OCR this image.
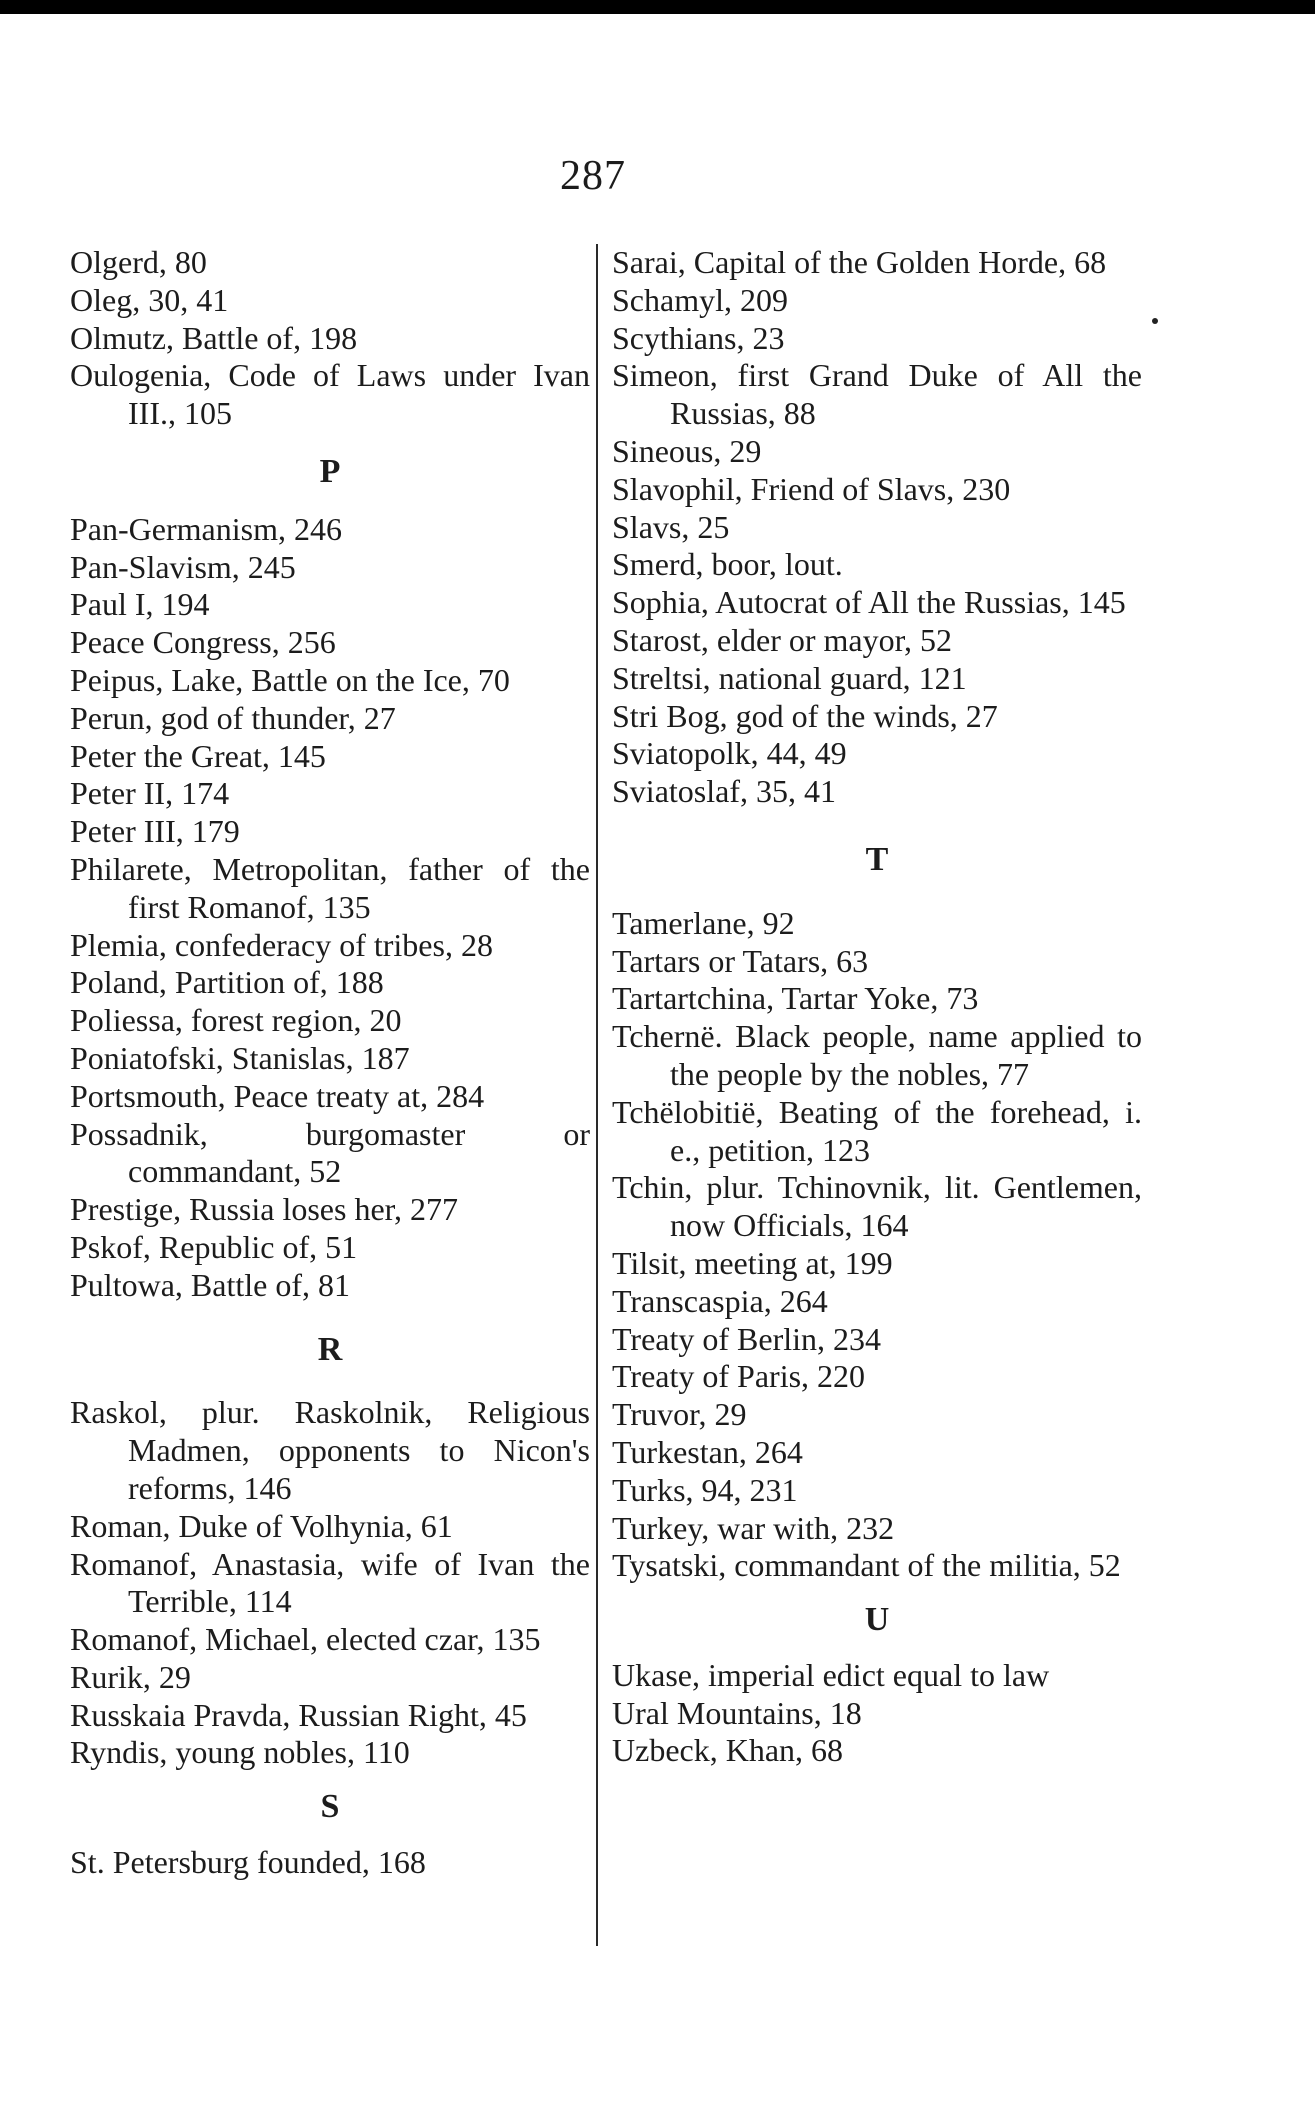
287
Olgerd, 80
Oleg, 30, 41
Olmutz, Battle of, 198
Oulogenia, Code of Laws under Ivan III., 105
P
Pan-Germanism, 246
Pan-Slavism, 245
Paul I, 194
Peace Congress, 256
Peipus, Lake, Battle on the Ice, 70
Perun, god of thunder, 27
Peter the Great, 145
Peter II, 174
Peter III, 179
Philarete, Metropolitan, father of the first Romanof, 135
Plemia, confederacy of tribes, 28
Poland, Partition of, 188
Poliessa, forest region, 20
Poniatofski, Stanislas, 187
Portsmouth, Peace treaty at, 284
Possadnik, burgomaster or commandant, 52
Prestige, Russia loses her, 277
Pskof, Republic of, 51
Pultowa, Battle of, 81
R
Raskol, plur. Raskolnik, Religious Madmen, opponents to Nicon's reforms, 146
Roman, Duke of Volhynia, 61
Romanof, Anastasia, wife of Ivan the Terrible, 114
Romanof, Michael, elected czar, 135
Rurik, 29
Russkaia Pravda, Russian Right, 45
Ryndis, young nobles, 110
S
St. Petersburg founded, 168
Sarai, Capital of the Golden Horde, 68
Schamyl, 209
Scythians, 23
Simeon, first Grand Duke of All the Russias, 88
Sineous, 29
Slavophil, Friend of Slavs, 230
Slavs, 25
Smerd, boor, lout.
Sophia, Autocrat of All the Russias, 145
Starost, elder or mayor, 52
Streltsi, national guard, 121
Stri Bog, god of the winds, 27
Sviatopolk, 44, 49
Sviatoslaf, 35, 41
T
Tamerlane, 92
Tartars or Tatars, 63
Tartartchina, Tartar Yoke, 73
Tchernë. Black people, name applied to the people by the nobles, 77
Tchëlobitië, Beating of the forehead, i. e., petition, 123
Tchin, plur. Tchinovnik, lit. Gentlemen, now Officials, 164
Tilsit, meeting at, 199
Transcaspia, 264
Treaty of Berlin, 234
Treaty of Paris, 220
Truvor, 29
Turkestan, 264
Turks, 94, 231
Turkey, war with, 232
Tysatski, commandant of the militia, 52
U
Ukase, imperial edict equal to law
Ural Mountains, 18
Uzbeck, Khan, 68
